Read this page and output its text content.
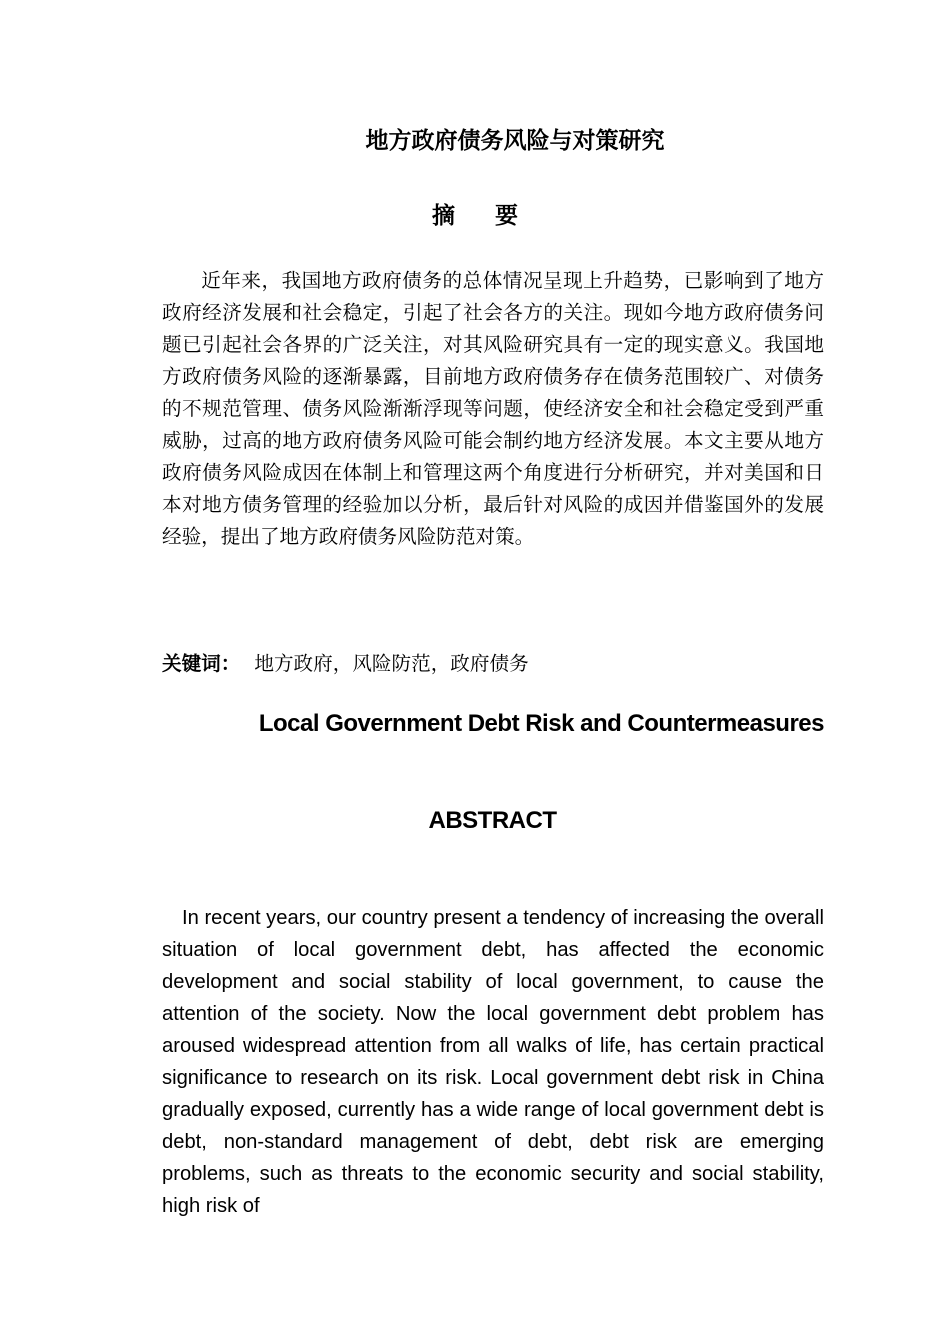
地方政府债务风险与对策研究
摘要

近年来，我国地方政府债务的总体情况呈现上升趋势，已影响到了地方政府经济发展和社会稳定，引起了社会各方的关注。现如今地方政府债务问题已引起社会各界的广泛关注，对其风险研究具有一定的现实意义。我国地方政府债务风险的逐渐暴露，目前地方政府债务存在债务范围较广、对债务的不规范管理、债务风险渐渐浮现等问题，使经济安全和社会稳定受到严重威胁，过高的地方政府债务风险可能会制约地方经济发展。本文主要从地方政府债务风险成因在体制上和管理这两个角度进行分析研究，并对美国和日本对地方债务管理的经验加以分析，最后针对风险的成因并借鉴国外的发展经验，提出了地方政府债务风险防范对策。

关键词： 地方政府，风险防范，政府债务

Local Government Debt Risk and Countermeasures
ABSTRACT

In recent years, our country present a tendency of increasing the overall situation of local government debt, has affected the economic development and social stability of local government, to cause the attention of the society. Now the local government debt problem has aroused widespread attention from all walks of life, has certain practical significance to research on its risk. Local government debt risk in China gradually exposed, currently has a wide range of local government debt is debt, non-standard management of debt, debt risk are emerging problems, such as threats to the economic security and social stability, high risk of
